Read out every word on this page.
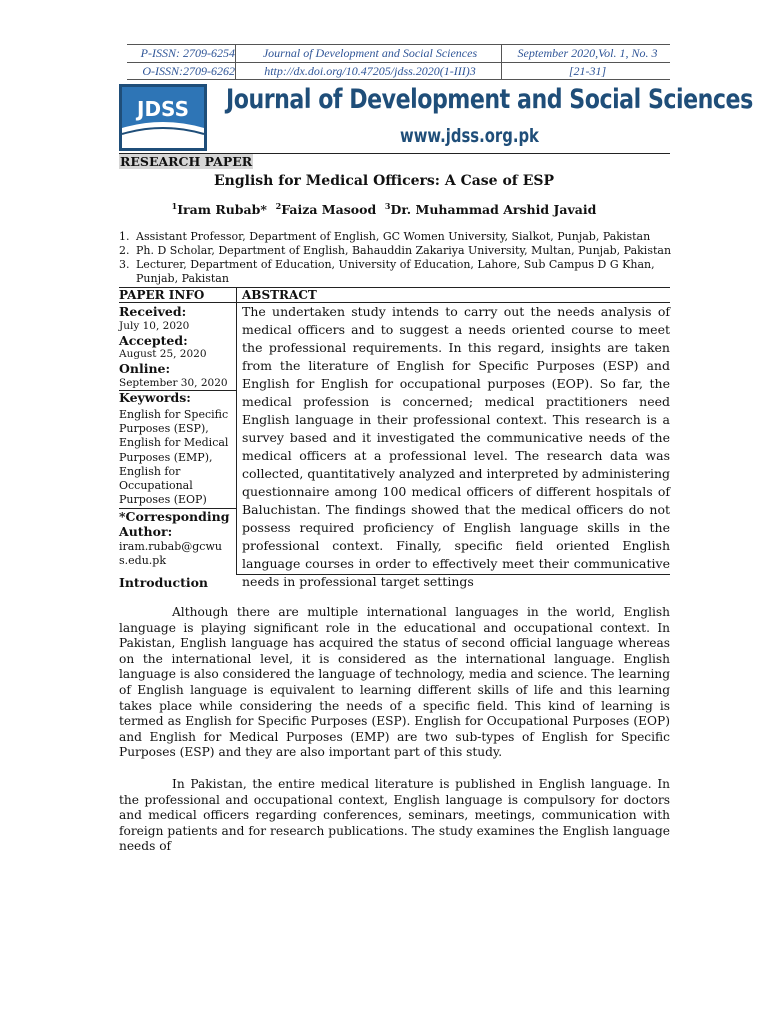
P-ISSN: 2709-6254	Journal of Development and Social Sciences	September 2020,Vol. 1, No. 3
O-ISSN:2709-6262	http://dx.doi.org/10.47205/jdss.2020(1-III)3	[21-31]
JDSS Journal of Development and Social Sciences
www.jdss.org.pk
RESEARCH PAPER
English for Medical Officers: A Case of ESP
$^1$Iram Rubab* $^2$Faiza Masood $^3$Dr. Muhammad Arshid Javaid
1. Assistant Professor, Department of English, GC Women University, Sialkot, Punjab, Pakistan
2. Ph. D Scholar, Department of English, Bahauddin Zakariya University, Multan, Punjab, Pakistan
3. Lecturer, Department of Education, University of Education, Lahore, Sub Campus D G Khan,
Punjab, Pakistan
PAPER INFO	ABSTRACT
Received:
July 10, 2020
Accepted:
August 25, 2020
Online:
September 30, 2020
Keywords:
English for Specific
Purposes (ESP),
English for Medical
Purposes (EMP),
English for
Occupational
Purposes (EOP)
*Corresponding
Author:
iram.rubab@gcwu
s.edu.pk
The undertaken study intends to carry out the needs analysis of medical officers and to suggest a needs oriented course to meet the professional requirements. In this regard, insights are taken from the literature of English for Specific Purposes (ESP) and English for English for occupational purposes (EOP). So far, the medical profession is concerned; medical practitioners need English language in their professional context. This research is a survey based and it investigated the communicative needs of the medical officers at a professional level. The research data was collected, quantitatively analyzed and interpreted by administering questionnaire among 100 medical officers of different hospitals of Baluchistan. The findings showed that the medical officers do not possess required proficiency of English language skills in the professional context. Finally, specific field oriented English language courses in order to effectively meet their communicative needs in professional target settings
Introduction
Although there are multiple international languages in the world, English language is playing significant role in the educational and occupational context. In Pakistan, English language has acquired the status of second official language whereas on the international level, it is considered as the international language. English language is also considered the language of technology, media and science. The learning of English language is equivalent to learning different skills of life and this learning takes place while considering the needs of a specific field. This kind of learning is termed as English for Specific Purposes (ESP). English for Occupational Purposes (EOP) and English for Medical Purposes (EMP) are two sub-types of English for Specific Purposes (ESP) and they are also important part of this study.
In Pakistan, the entire medical literature is published in English language. In the professional and occupational context, English language is compulsory for doctors and medical officers regarding conferences, seminars, meetings, communication with foreign patients and for research publications. The study examines the English language needs of
